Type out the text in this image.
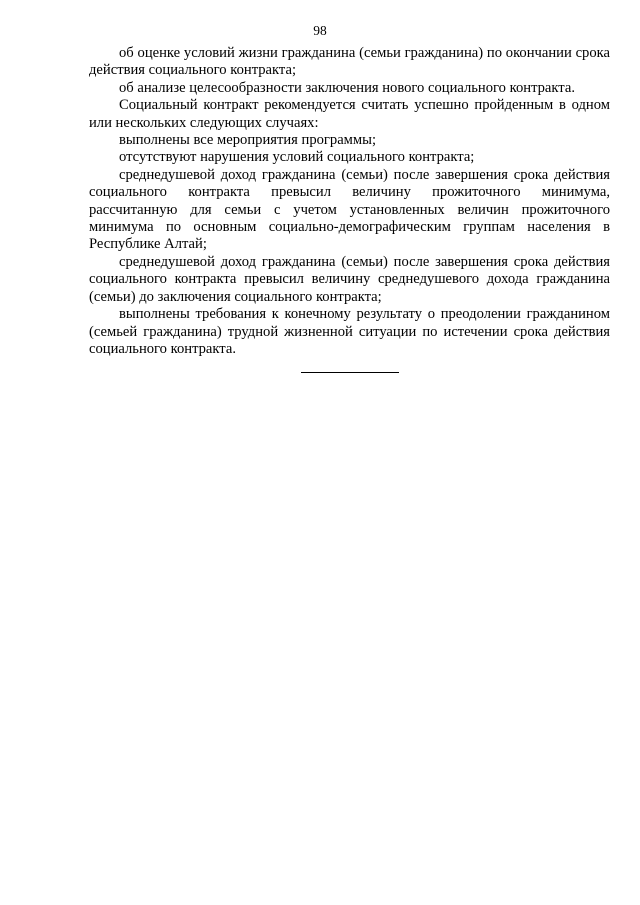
98

об оценке условий жизни гражданина (семьи гражданина) по окончании срока действия социального контракта;

об анализе целесообразности заключения нового социального контракта.

Социальный контракт рекомендуется считать успешно пройденным в одном или нескольких следующих случаях:

выполнены все мероприятия программы;

отсутствуют нарушения условий социального контракта;

среднедушевой доход гражданина (семьи) после завершения срока действия социального контракта превысил величину прожиточного минимума, рассчитанную для семьи с учетом установленных величин прожиточного минимума по основным социально-демографическим группам населения в Республике Алтай;

среднедушевой доход гражданина (семьи) после завершения срока действия социального контракта превысил величину среднедушевого дохода гражданина (семьи) до заключения социального контракта;

выполнены требования к конечному результату о преодолении гражданином (семьей гражданина) трудной жизненной ситуации по истечении срока действия социального контракта.
